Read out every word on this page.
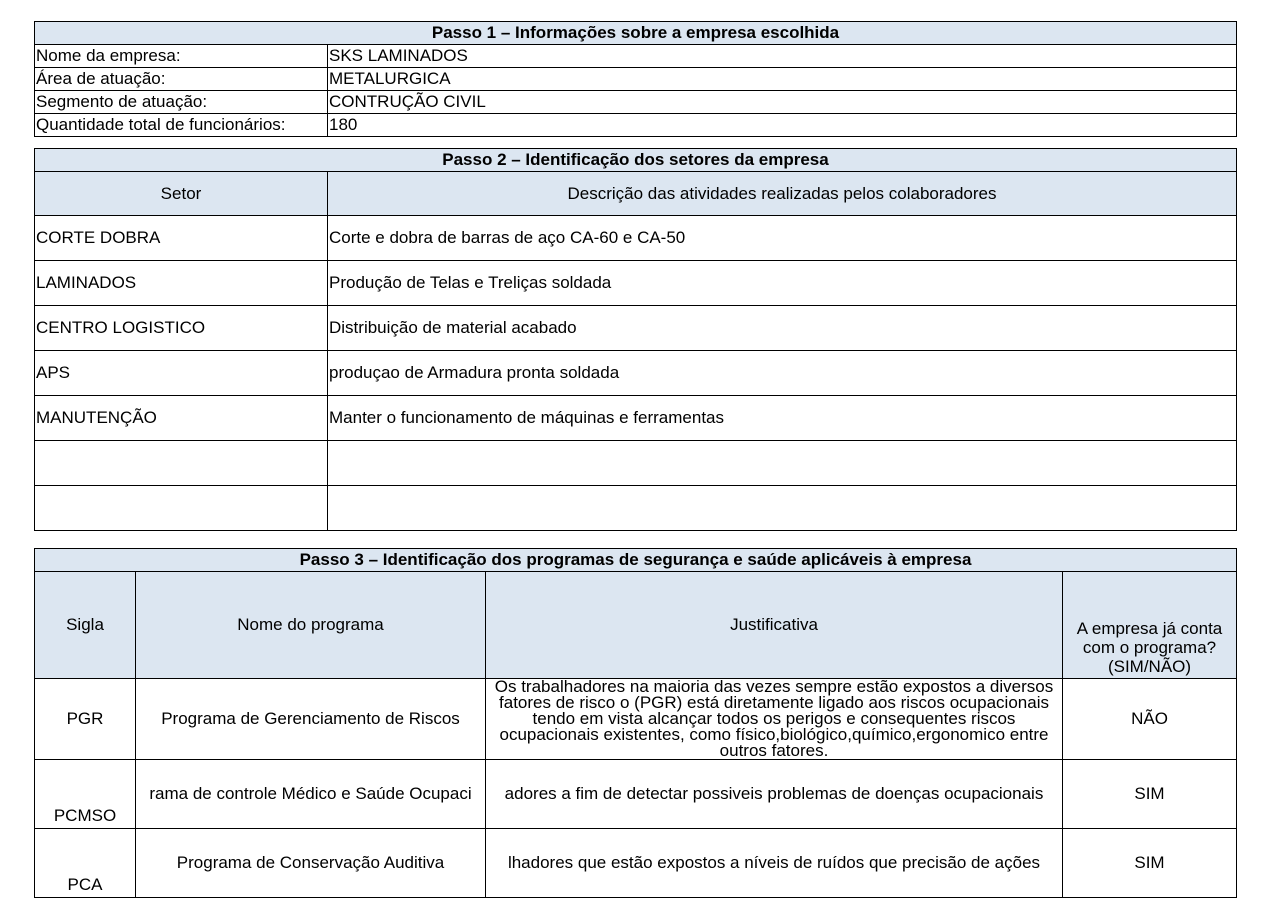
Passo 1 – Informações sobre a empresa escolhida	
Nome da empresa:	SKS LAMINADOS
Área de atuação:	METALURGICA
Segmento de atuação:	CONTRUÇÃO CIVIL
Quantidade total de funcionários:	180
Passo 2 – Identificação dos setores da empresa	
Setor	Descrição das atividades realizadas pelos colaboradores
CORTE DOBRA	Corte e dobra de barras de aço CA-60 e CA-50
LAMINADOS	Produção de Telas e Treliças soldada
CENTRO LOGISTICO	Distribuição de material acabado
APS	produçao de Armadura pronta soldada
MANUTENÇÃO	Manter o funcionamento de máquinas e ferramentas

Passo 3 – Identificação dos programas de segurança e saúde aplicáveis à empresa			
Sigla	Nome do programa	Justificativa	A empresa já conta com o programa? (SIM/NÃO)
PGR	Programa de Gerenciamento de Riscos	Os trabalhadores na maioria das vezes sempre estão expostos a diversos fatores de risco o (PGR) está diretamente ligado aos riscos ocupacionais tendo em vista alcançar todos os perigos e consequentes riscos ocupacionais existentes, como físico,biológico,químico,ergonomico entre outros fatores.	NÃO
PCMSO	rama de controle Médico e Saúde Ocupaci	adores a fim de detectar possiveis problemas de doenças ocupacionais	SIM
PCA	Programa de Conservação Auditiva	lhadores que estão expostos a níveis de ruídos que precisão de ações	SIM
